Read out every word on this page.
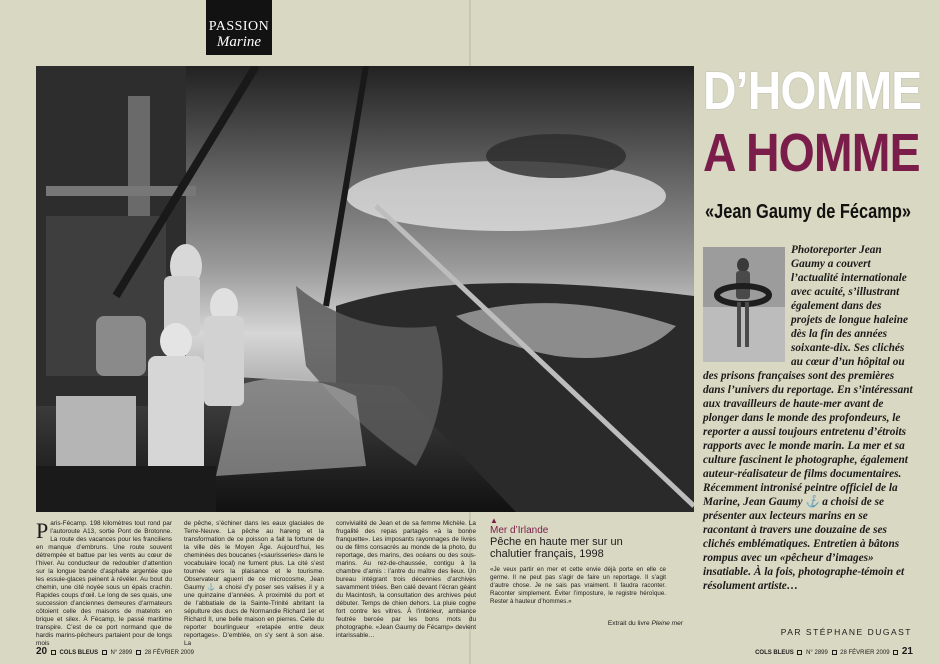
PASSION
Marine
P aris-Fécamp. 198 kilomètres tout rond par l’autoroute A13, sortie Pont de Brotonne. La route des vacances pour les franciliens en manque d’embruns. Une route souvent détrempée et battue par les vents au cœur de l’hiver. Au conducteur de redoubler d’attention sur la longue bande d’asphalte argentée que les essuie-glaces peinent à révéler. Au bout du chemin, une cité noyée sous un épais crachin. Rapides coups d’œil. Le long de ses quais, une succession d’anciennes demeures d’armateurs côtoient celle des maisons de matelots en brique et silex. À Fécamp, le passé maritime transpire. C’est de ce port normand que de hardis marins-pêcheurs partaient pour de longs mois
de pêche, s’échiner dans les eaux glaciales de Terre-Neuve. La pêche au hareng et la transformation de ce poisson a fait la fortune de la ville dès le Moyen Âge. Aujourd’hui, les cheminées des boucanes («saurisseries» dans le vocabulaire local) ne fument plus. La cité s’est tournée vers la plaisance et le tourisme. Observateur aguerri de ce microcosme, Jean Gaumy ⚓ a choisi d’y poser ses valises il y a une quinzaine d’années. À proximité du port et de l’abbatiale de la Sainte-Trinité abritant la sépulture des ducs de Normandie Richard 1er et Richard II, une belle maison en pierres. Celle du reporter bourlingueur «retapée entre deux reportages». D’emblée, on s’y sent à son aise. La
convivialité de Jean et de sa femme Michèle. La frugalité des repas partagés «à la bonne franquette». Les imposants rayonnages de livres ou de films consacrés au monde de la photo, du reportage, des marins, des océans ou des sous-marins. Au rez-de-chaussée, contigu à la chambre d’amis : l’antre du maître des lieux. Un bureau intégrant trois décennies d’archives savamment triées. Ben calé devant l’écran géant du Macintosh, la consultation des archives peut débuter. Temps de chien dehors. La pluie cogne fort contre les vitres. À l’intérieur, ambiance feutrée bercée par les bons mots du photographe. «Jean Gaumy de Fécamp» devient intarissable…
▲
Mer d’Irlande
Pêche en haute mer sur un chalutier français, 1998
«Je veux partir en mer et cette envie déjà porte en elle ce germe. Il ne peut pas s’agir de faire un reportage. Il s’agit d’autre chose. Je ne sais pas vraiment. Il faudra raconter. Raconter simplement. Éviter l’imposture, le registre héroïque. Rester à hauteur d’hommes.»
Extrait du livre Pleine mer
D’HOMME
A HOMME
«Jean Gaumy de Fécamp»
Photoreporter Jean Gaumy a couvert l’actualité internationale avec acuité, s’illustrant également dans des projets de longue haleine dès la fin des années soixante-dix. Ses clichés au cœur d’un hôpital ou des prisons françaises sont des premières dans l’univers du reportage. En s’intéressant aux travailleurs de haute-mer avant de plonger dans le monde des profondeurs, le reporter a aussi toujours entretenu d’étroits rapports avec le monde marin. La mer et sa culture fascinent le photographe, également auteur-réalisateur de films documentaires. Récemment intronisé peintre officiel de la Marine, Jean Gaumy ⚓ a choisi de se présenter aux lecteurs marins en se racontant à travers une douzaine de ses clichés emblématiques. Entretien à bâtons rompus avec un «pêcheur d’images» insatiable. À la fois, photographe-témoin et résolument artiste…
PAR STÉPHANE DUGAST
20 COLS BLEUS N° 2899 28 FÉVRIER 2009	COLS BLEUS N° 2899 28 FÉVRIER 2009 21
